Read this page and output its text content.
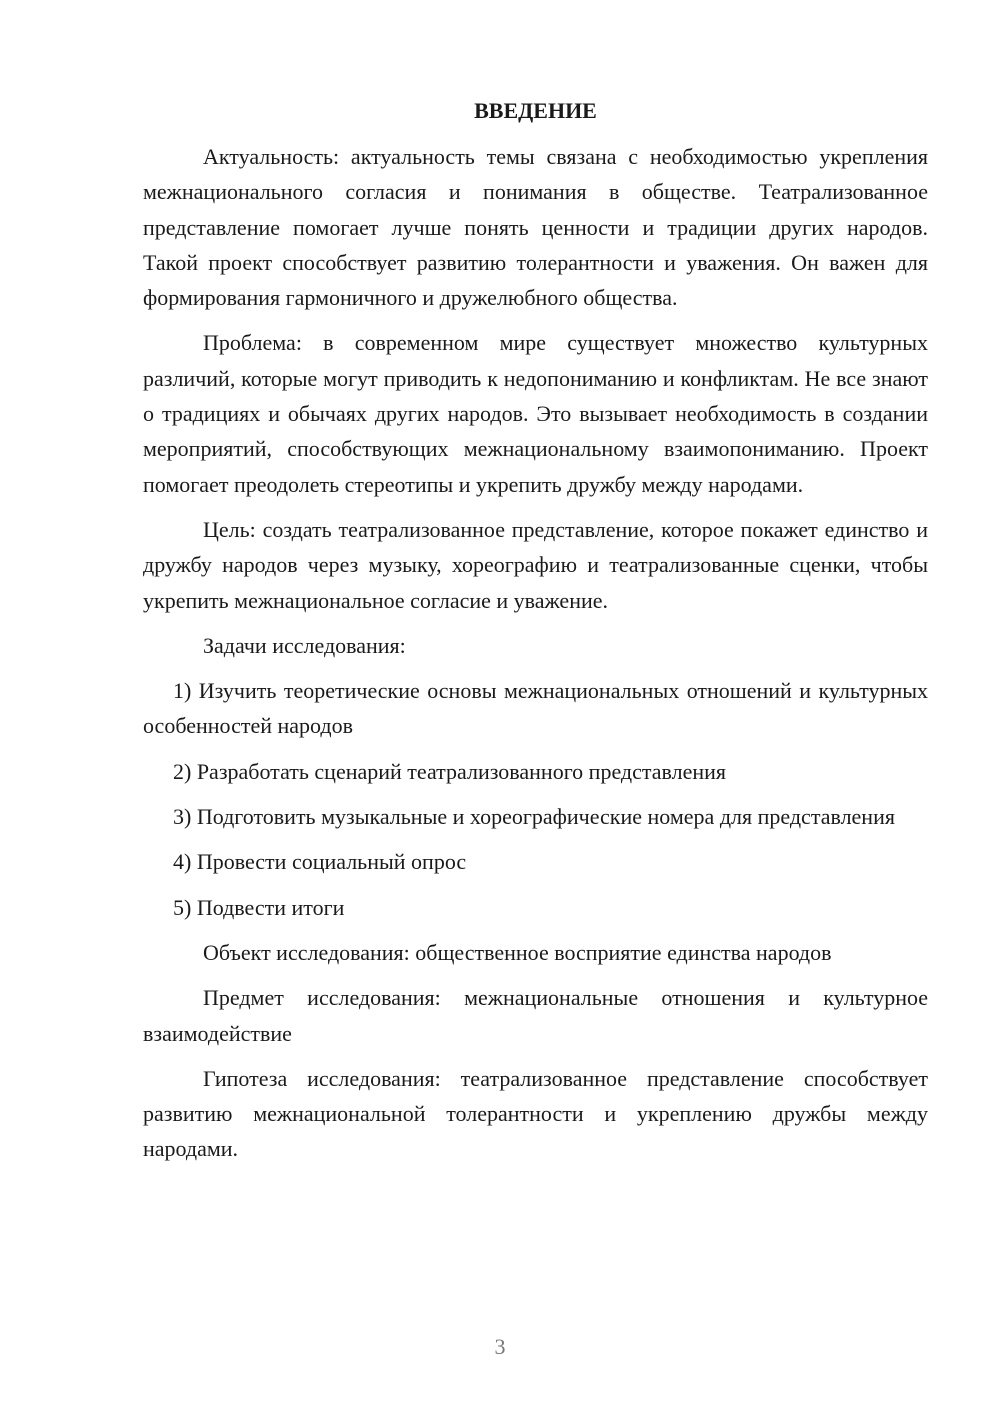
ВВЕДЕНИЕ

Актуальность: актуальность темы связана с необходимостью укрепления межнационального согласия и понимания в обществе. Театрализованное представление помогает лучше понять ценности и традиции других народов. Такой проект способствует развитию толерантности и уважения. Он важен для формирования гармоничного и дружелюбного общества.

Проблема: в современном мире существует множество культурных различий, которые могут приводить к недопониманию и конфликтам. Не все знают о традициях и обычаях других народов. Это вызывает необходимость в создании мероприятий, способствующих межнациональному взаимопониманию. Проект помогает преодолеть стереотипы и укрепить дружбу между народами.

Цель: создать театрализованное представление, которое покажет единство и дружбу народов через музыку, хореографию и театрализованные сценки, чтобы укрепить межнациональное согласие и уважение.

Задачи исследования:

1) Изучить теоретические основы межнациональных отношений и культурных особенностей народов

2) Разработать сценарий театрализованного представления

3) Подготовить музыкальные и хореографические номера для представления

4) Провести социальный опрос

5) Подвести итоги

Объект исследования: общественное восприятие единства народов

Предмет исследования: межнациональные отношения и культурное взаимодействие

Гипотеза исследования: театрализованное представление способствует развитию межнациональной толерантности и укреплению дружбы между народами.

3
